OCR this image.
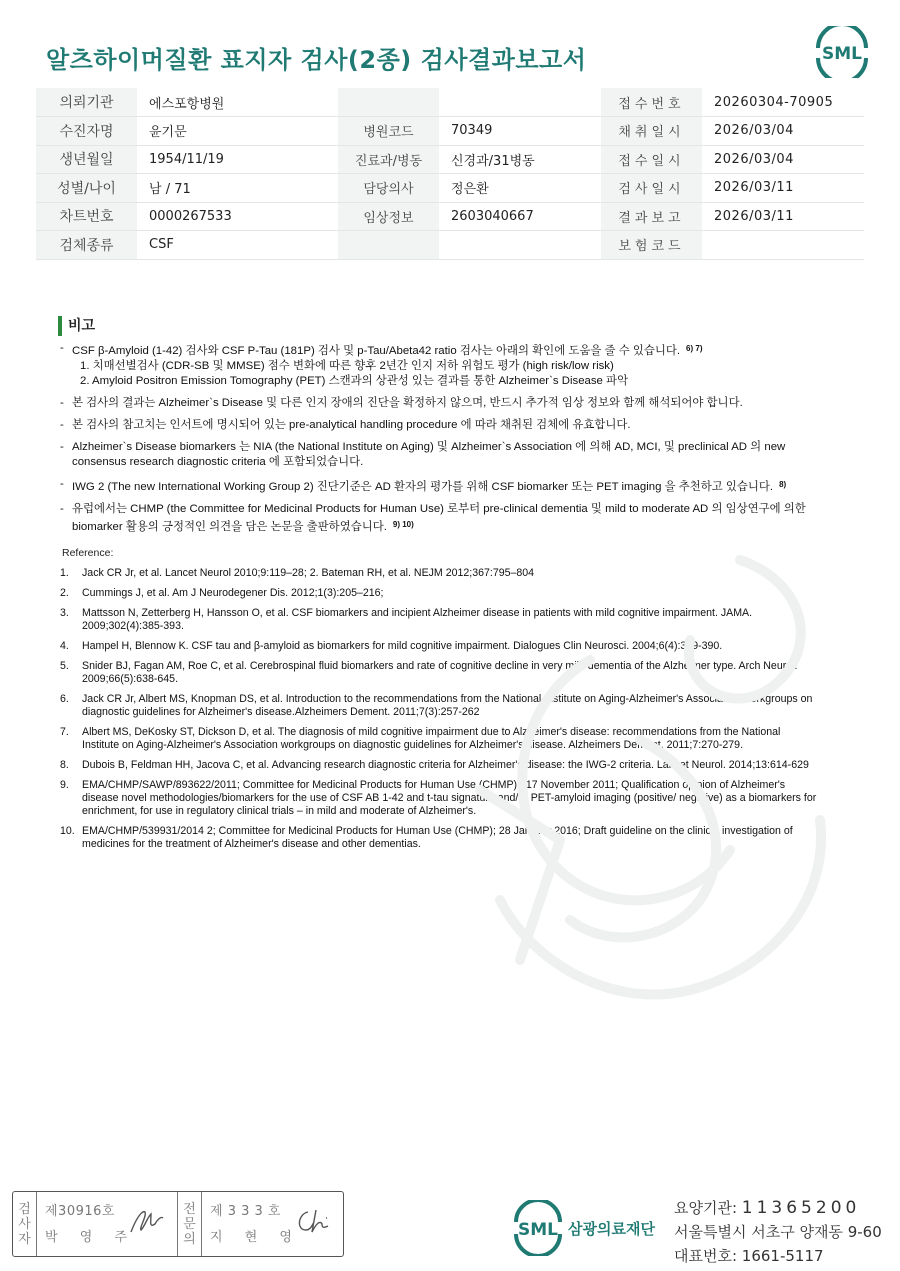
알츠하이머질환 표지자 검사(2종) 검사결과보고서	SML
의뢰기관	에스포항병원			접수번호	20260304-70905
수진자명	윤기문	병원코드	70349	채취일시	2026/03/04
생년월일	1954/11/19	진료과/병동	신경과/31병동	접수일시	2026/03/04
성별/나이	남 / 71	담당의사	정은환	검사일시	2026/03/11
차트번호	0000267533	임상정보	2603040667	결과보고	2026/03/11
검체종류	CSF			보험코드	
비고
- CSF β-Amyloid (1-42) 검사와 CSF P-Tau (181P) 검사 및 p-Tau/Abeta42 ratio 검사는 아래의 확인에 도움을 줄 수 있습니다. $^{6) 7)}$
1. 치매선별검사 (CDR-SB 및 MMSE) 점수 변화에 따른 향후 2년간 인지 저하 위험도 평가 (high risk/low risk)
2. Amyloid Positron Emission Tomography (PET) 스캔과의 상관성 있는 결과를 통한 Alzheimer`s Disease 파악
- 본 검사의 결과는 Alzheimer`s Disease 및 다른 인지 장애의 진단을 확정하지 않으며, 반드시 추가적 임상 정보와 함께 해석되어야 합니다.
- 본 검사의 참고치는 인서트에 명시되어 있는 pre-analytical handling procedure 에 따라 채취된 검체에 유효합니다.
- Alzheimer`s Disease biomarkers 는 NIA (the National Institute on Aging) 및 Alzheimer`s Association 에 의해 AD, MCI, 및 preclinical AD 의 new consensus research diagnostic criteria 에 포함되었습니다.
- IWG 2 (The new International Working Group 2) 진단기준은 AD 환자의 평가를 위해 CSF biomarker 또는 PET imaging 을 추천하고 있습니다. $^{8)}$
- 유럽에서는 CHMP (the Committee for Medicinal Products for Human Use) 로부터 pre-clinical dementia 및 mild to moderate AD 의 임상연구에 의한 biomarker 활용의 긍정적인 의견을 담은 논문을 출판하였습니다. $^{9) 10)}$
Reference:
1. Jack CR Jr, et al. Lancet Neurol 2010;9:119–28; 2. Bateman RH, et al. NEJM 2012;367:795–804
2. Cummings J, et al. Am J Neurodegener Dis. 2012;1(3):205–216;
3. Mattsson N, Zetterberg H, Hansson O, et al. CSF biomarkers and incipient Alzheimer disease in patients with mild cognitive impairment. JAMA. 2009;302(4):385-393.
4. Hampel H, Blennow K. CSF tau and β-amyloid as biomarkers for mild cognitive impairment. Dialogues Clin Neurosci. 2004;6(4):379-390.
5. Snider BJ, Fagan AM, Roe C, et al. Cerebrospinal fluid biomarkers and rate of cognitive decline in very mild dementia of the Alzheimer type. Arch Neurol. 2009;66(5):638-645.
6. Jack CR Jr, Albert MS, Knopman DS, et al. Introduction to the recommendations from the National Institute on Aging-Alzheimer's Association workgroups on diagnostic guidelines for Alzheimer's disease.Alzheimers Dement. 2011;7(3):257-262
7. Albert MS, DeKosky ST, Dickson D, et al. The diagnosis of mild cognitive impairment due to Alzheimer's disease: recommendations from the National Institute on Aging-Alzheimer's Association workgroups on diagnostic guidelines for Alzheimer's disease. Alzheimers Dement. 2011;7:270-279.
8. Dubois B, Feldman HH, Jacova C, et al. Advancing research diagnostic criteria for Alzheimer's disease: the IWG-2 criteria. Lancet Neurol. 2014;13:614-629
9. EMA/CHMP/SAWP/893622/2011; Committee for Medicinal Products for Human Use (CHMP) ; 17 November 2011; Qualification opinion of Alzheimer's disease novel methodologies/biomarkers for the use of CSF AB 1-42 and t-tau signature and/or PET-amyloid imaging (positive/ negative) as a biomarkers for enrichment, for use in regulatory clinical trials – in mild and moderate of Alzheimer's.
10. EMA/CHMP/539931/2014 2; Committee for Medicinal Products for Human Use (CHMP); 28 January 2016; Draft guideline on the clinical investigation of medicines for the treatment of Alzheimer's disease and other dementias.
검
사
자
제30916호
박 영 주
전
문
의
제 3 3 3 호
지 현 영	SML 삼광의료재단
요양기관: 11365200
서울특별시 서초구 양재동 9-60
대표번호: 1661-5117
